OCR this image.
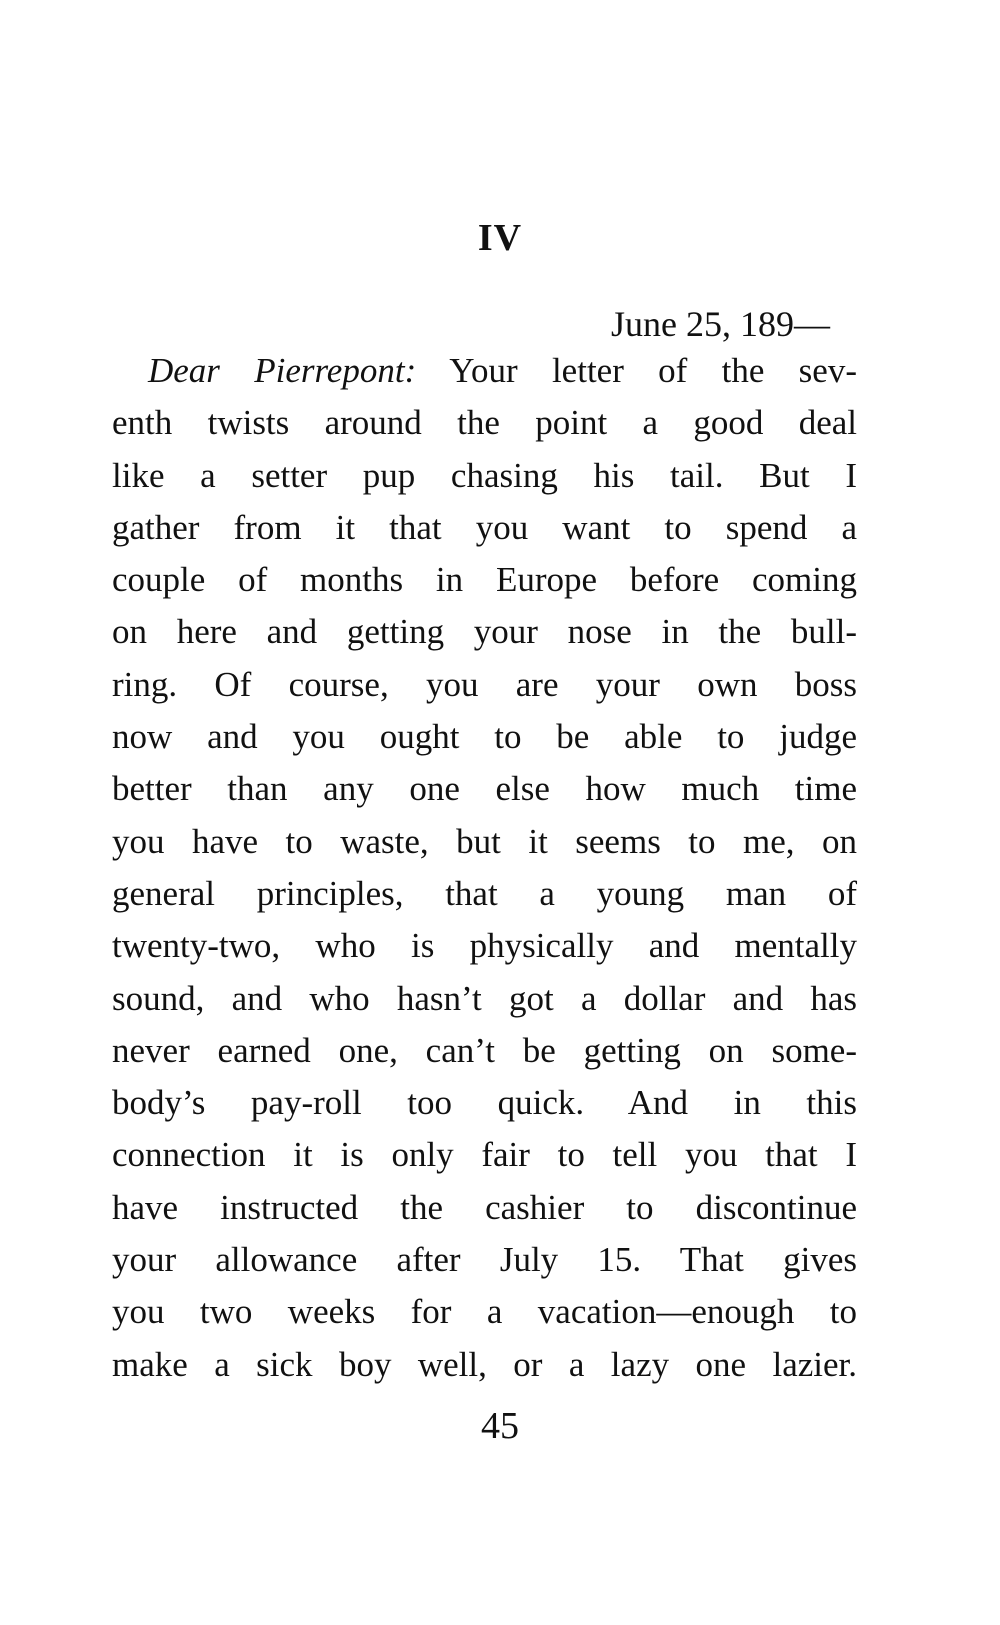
IV
June 25, 189—
Dear Pierrepont: Your letter of the sev-
enth twists around the point a good deal
like a setter pup chasing his tail. But I
gather from it that you want to spend a
couple of months in Europe before coming
on here and getting your nose in the bull-
ring. Of course, you are your own boss
now and you ought to be able to judge
better than any one else how much time
you have to waste, but it seems to me, on
general principles, that a young man of
twenty-two, who is physically and mentally
sound, and who hasn’t got a dollar and has
never earned one, can’t be getting on some-
body’s pay-roll too quick. And in this
connection it is only fair to tell you that I
have instructed the cashier to discontinue
your allowance after July 15. That gives
you two weeks for a vacation—enough to
make a sick boy well, or a lazy one lazier.
45
